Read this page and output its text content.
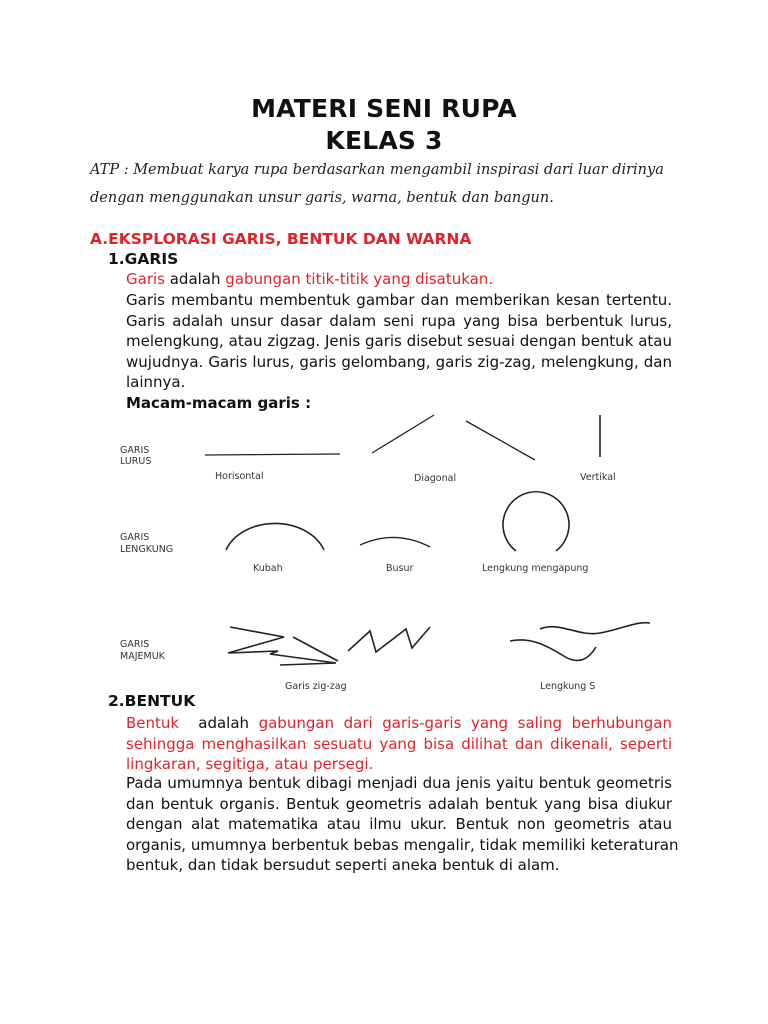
MATERI SENI RUPA
KELAS 3
ATP : Membuat karya rupa berdasarkan mengambil inspirasi dari luar dirinya
dengan menggunakan unsur garis, warna, bentuk dan bangun.
A.EKSPLORASI GARIS, BENTUK DAN WARNA
1.GARIS
Garis adalah gabungan titik-titik yang disatukan.
Garis membantu membentuk gambar dan memberikan kesan tertentu.
Garis adalah unsur dasar dalam seni rupa yang bisa berbentuk lurus,
melengkung, atau zigzag. Jenis garis disebut sesuai dengan bentuk atau
wujudnya. Garis lurus, garis gelombang, garis zig-zag, melengkung, dan
lainnya.
Macam-macam garis :
GARIS
LURUS
Horisontal	Diagonal	Vertikal
GARIS
LENGKUNG
Kubah	Busur	Lengkung mengapung
GARIS
MAJEMUK
Garis zig-zag	Lengkung S
2.BENTUK
Bentuk  adalah gabungan dari garis-garis yang saling berhubungan
sehingga menghasilkan sesuatu yang bisa dilihat dan dikenali, seperti
lingkaran, segitiga, atau persegi.
Pada umumnya bentuk dibagi menjadi dua jenis yaitu bentuk geometris
dan bentuk organis. Bentuk geometris adalah bentuk yang bisa diukur
dengan alat matematika atau ilmu ukur. Bentuk non geometris atau
organis, umumnya berbentuk bebas mengalir, tidak memiliki keteraturan
bentuk, dan tidak bersudut seperti aneka bentuk di alam.
